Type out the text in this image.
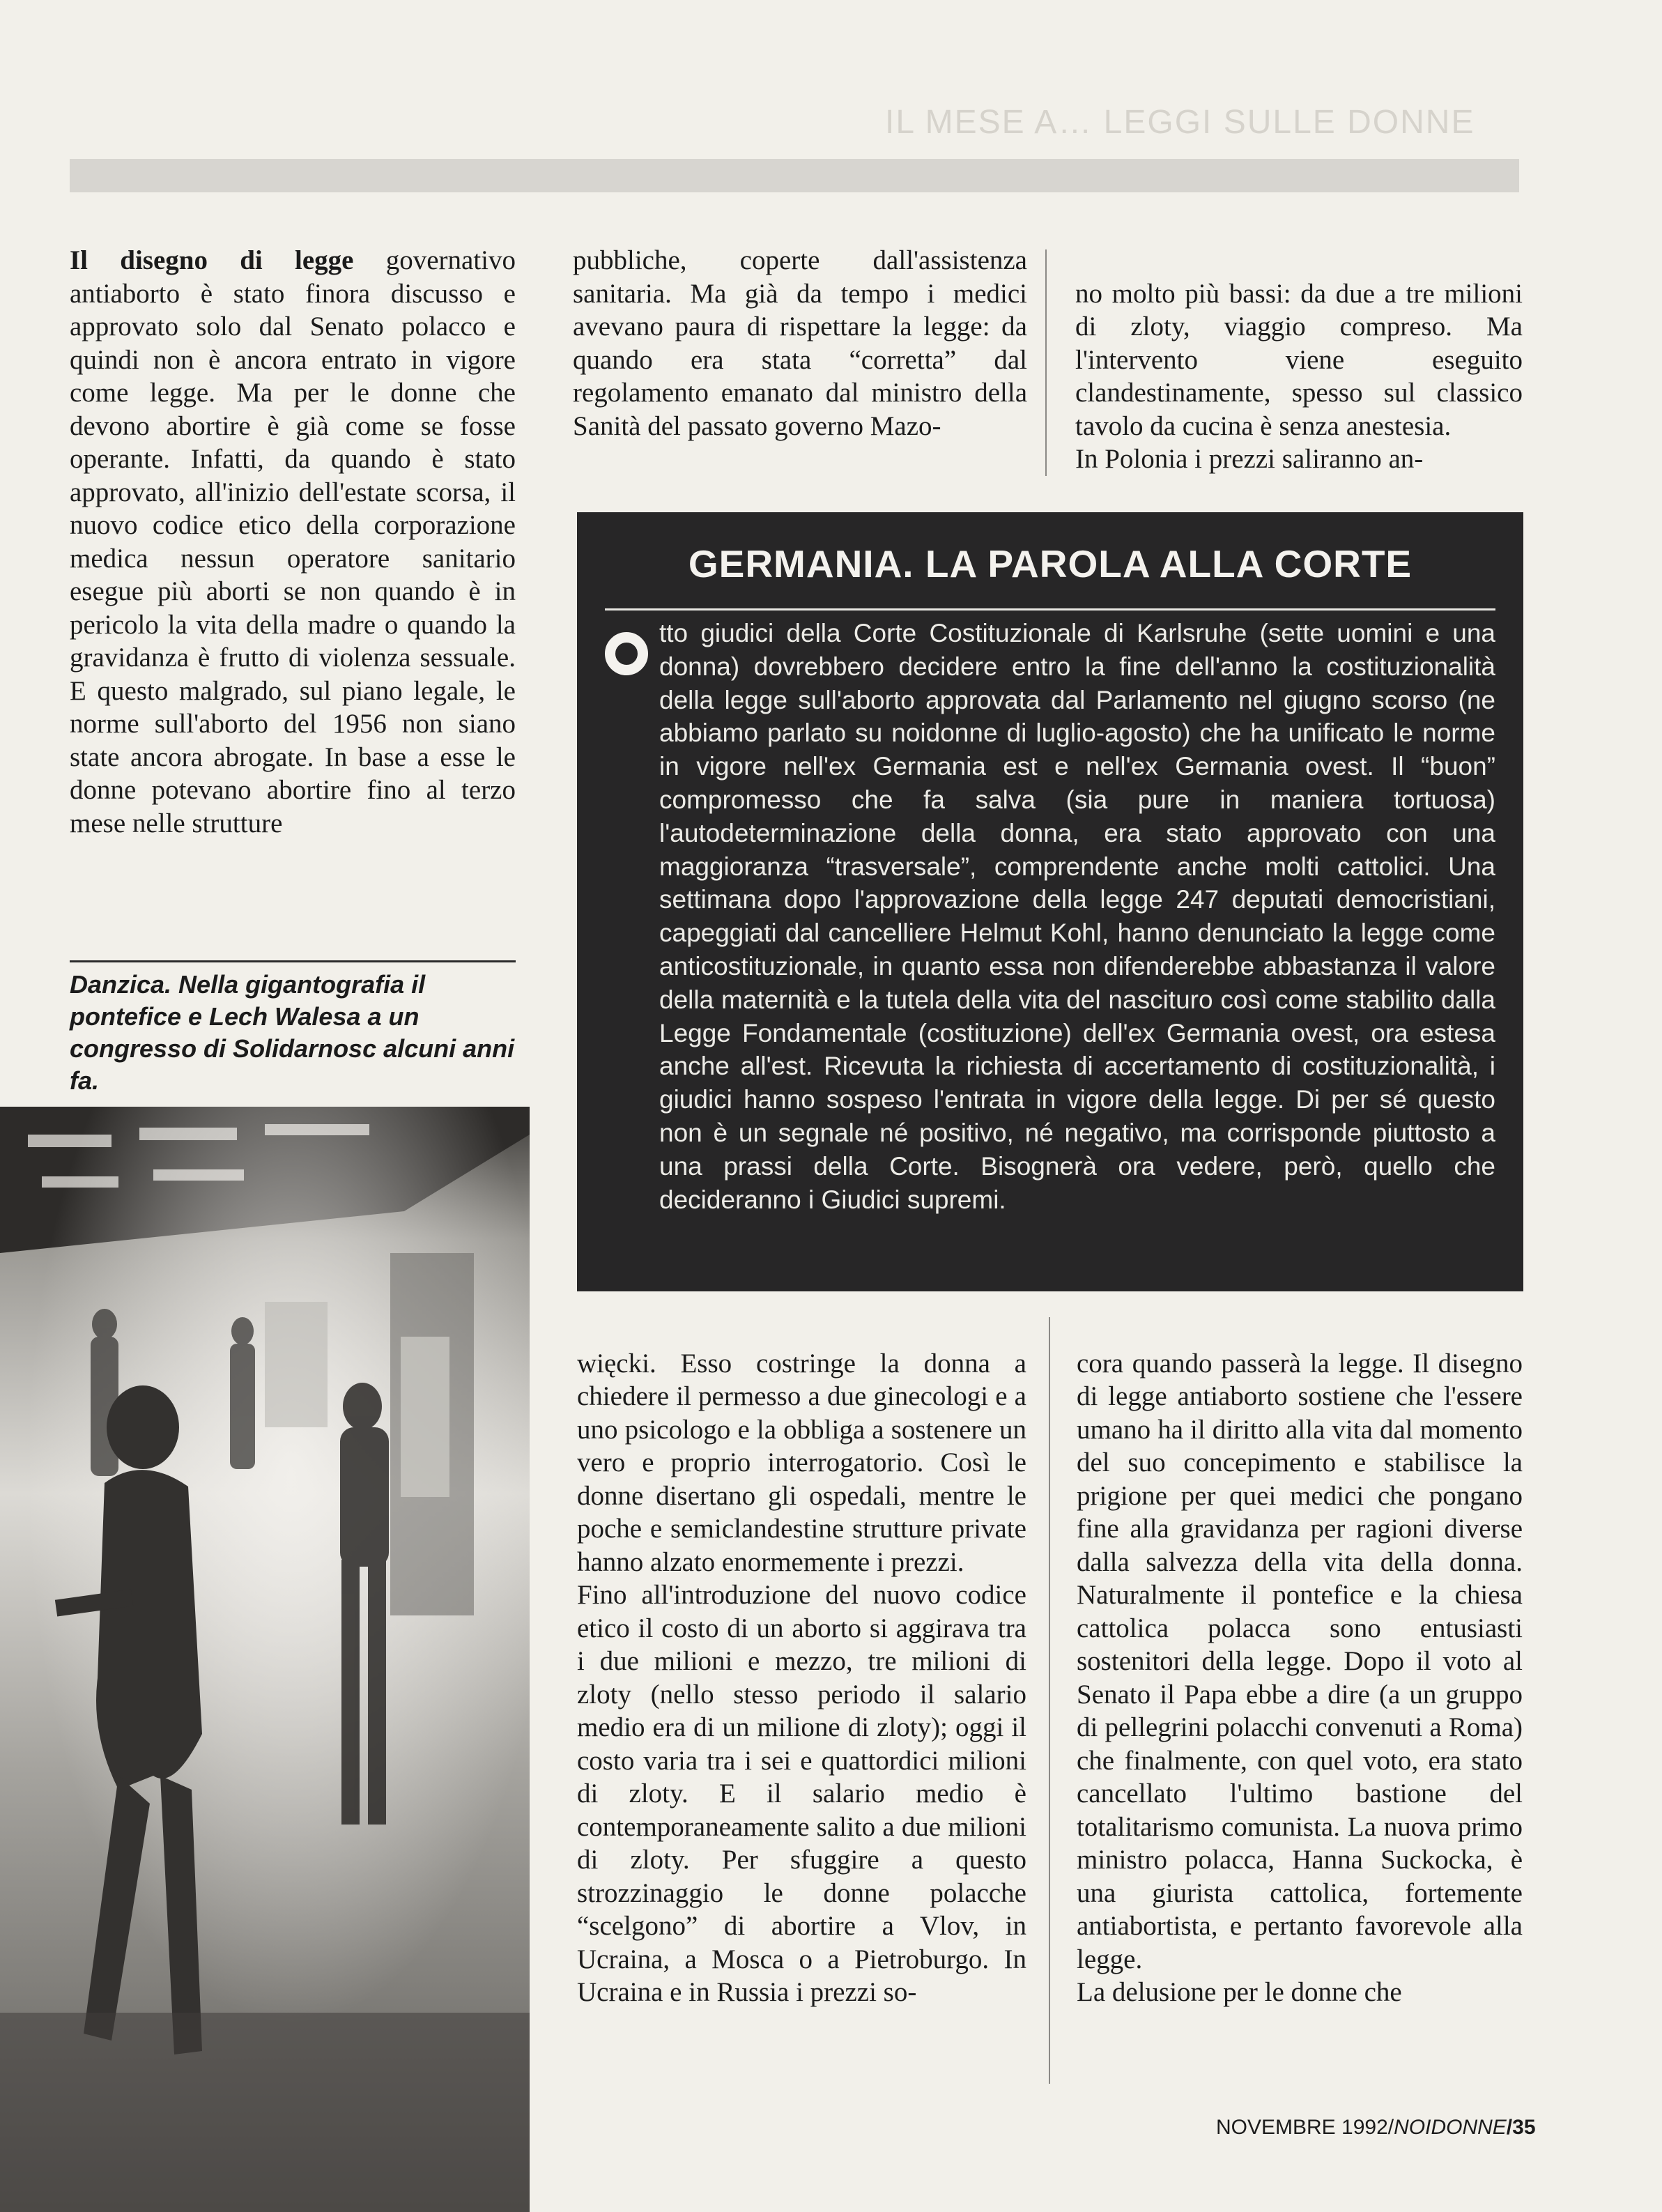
IL MESE A… LEGGI SULLE DONNE

Il disegno di legge governativo antiaborto è stato finora discusso e approvato solo dal Senato polacco e quindi non è ancora entrato in vigore come legge. Ma per le donne che devono abortire è già come se fosse operante. Infatti, da quando è stato approvato, all'inizio dell'estate scorsa, il nuovo codice etico della corporazione medica nessun operatore sanitario esegue più aborti se non quando è in pericolo la vita della madre o quando la gravidanza è frutto di violenza sessuale. E questo malgrado, sul piano legale, le norme sull'aborto del 1956 non siano state ancora abrogate. In base a esse le donne potevano abortire fino al terzo mese nelle strutture

Danzica. Nella gigantografia il pontefice e Lech Walesa a un congresso di Solidarnosc alcuni anni fa.

pubbliche, coperte dall'assistenza sanitaria. Ma già da tempo i medici avevano paura di rispettare la legge: da quando era stata “corretta” dal regolamento emanato dal ministro della Sanità del passato governo Mazo-

no molto più bassi: da due a tre milioni di zloty, viaggio compreso. Ma l'intervento viene eseguito clandestinamente, spesso sul classico tavolo da cucina è senza anestesia.
In Polonia i prezzi saliranno an-

GERMANIA. LA PAROLA ALLA CORTE
tto giudici della Corte Costituzionale di Karlsruhe (sette uomini e una donna) dovrebbero decidere entro la fine dell'anno la costituzionalità della legge sull'aborto approvata dal Parlamento nel giugno scorso (ne abbiamo parlato su noidonne di luglio-agosto) che ha unificato le norme in vigore nell'ex Germania est e nell'ex Germania ovest. Il “buon” compromesso che fa salva (sia pure in maniera tortuosa) l'autodeterminazione della donna, era stato approvato con una maggioranza “trasversale”, comprendente anche molti cattolici. Una settimana dopo l'approvazione della legge 247 deputati democristiani, capeggiati dal cancelliere Helmut Kohl, hanno denunciato la legge come anticostituzionale, in quanto essa non difenderebbe abbastanza il valore della maternità e la tutela della vita del nascituro così come stabilito dalla Legge Fondamentale (costituzione) dell'ex Germania ovest, ora estesa anche all'est. Ricevuta la richiesta di accertamento di costituzionalità, i giudici hanno sospeso l'entrata in vigore della legge. Di per sé questo non è un segnale né positivo, né negativo, ma corrisponde piuttosto a una prassi della Corte. Bisognerà ora vedere, però, quello che decideranno i Giudici supremi.

więcki. Esso costringe la donna a chiedere il permesso a due ginecologi e a uno psicologo e la obbliga a sostenere un vero e proprio interrogatorio. Così le donne disertano gli ospedali, mentre le poche e semiclandestine strutture private hanno alzato enormemente i prezzi.
Fino all'introduzione del nuovo codice etico il costo di un aborto si aggirava tra i due milioni e mezzo, tre milioni di zloty (nello stesso periodo il salario medio era di un milione di zloty); oggi il costo varia tra i sei e quattordici milioni di zloty. E il salario medio è contemporaneamente salito a due milioni di zloty. Per sfuggire a questo strozzinaggio le donne polacche “scelgono” di abortire a Vlov, in Ucraina, a Mosca o a Pietroburgo. In Ucraina e in Russia i prezzi so-

cora quando passerà la legge. Il disegno di legge antiaborto sostiene che l'essere umano ha il diritto alla vita dal momento del suo concepimento e stabilisce la prigione per quei medici che pongano fine alla gravidanza per ragioni diverse dalla salvezza della vita della donna. Naturalmente il pontefice e la chiesa cattolica polacca sono entusiasti sostenitori della legge. Dopo il voto al Senato il Papa ebbe a dire (a un gruppo di pellegrini polacchi convenuti a Roma) che finalmente, con quel voto, era stato cancellato l'ultimo bastione del totalitarismo comunista. La nuova primo ministro polacca, Hanna Suckocka, è una giurista cattolica, fortemente antiabortista, e pertanto favorevole alla legge.
La delusione per le donne che

NOVEMBRE 1992/NOIDONNE/35
